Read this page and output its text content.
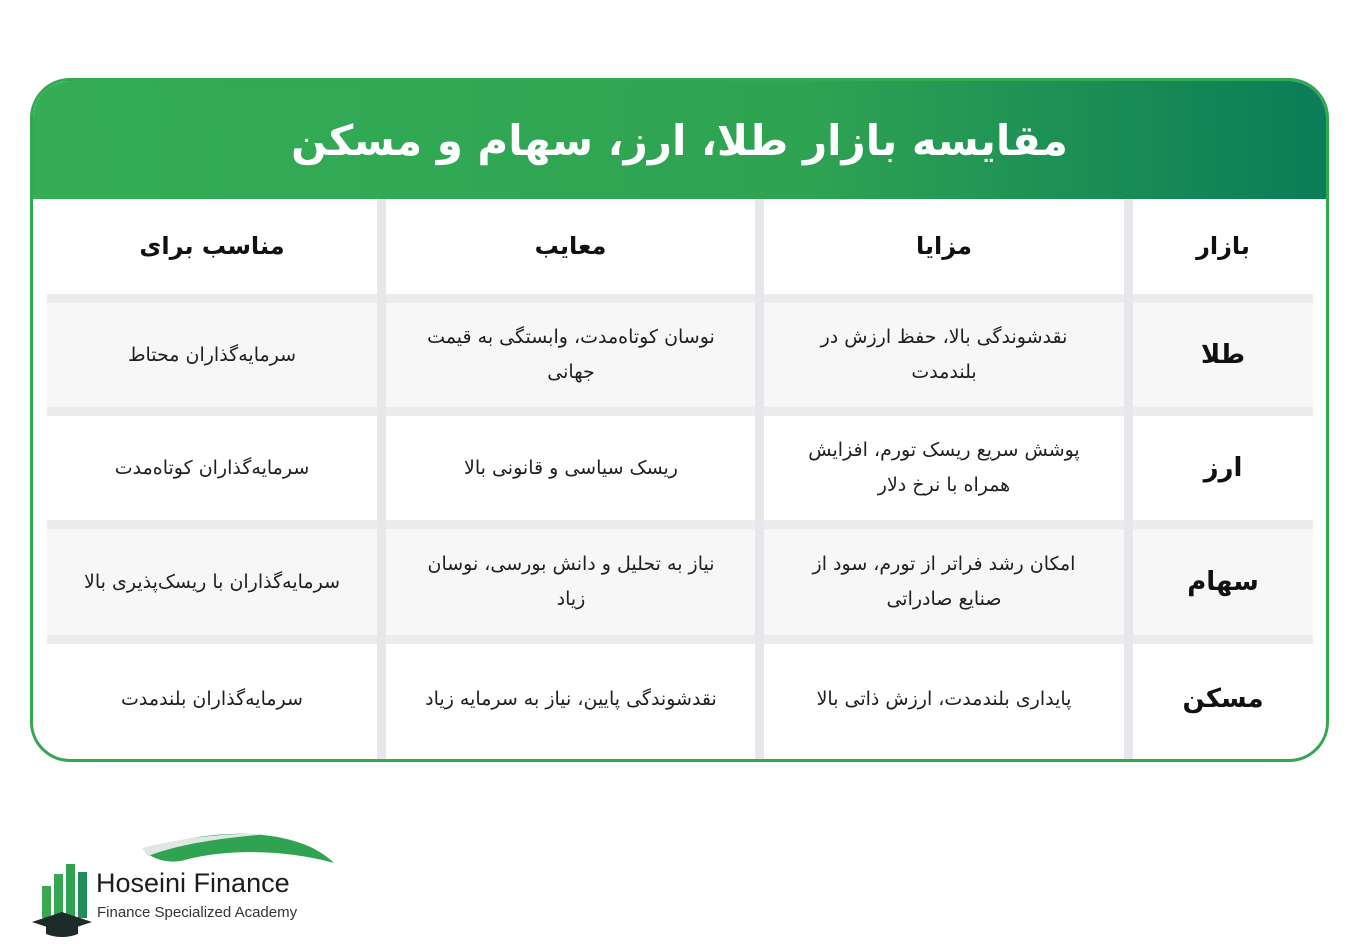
مقایسه بازار طلا، ارز، سهام و مسکن
بازار
مزایا
معایب
مناسب برای
طلا
نقدشوندگی بالا، حفظ ارزش در بلندمدت
نوسان کوتاه‌مدت، وابستگی به قیمت جهانی
سرمایه‌گذاران محتاط
ارز
پوشش سریع ریسک تورم، افزایش همراه با نرخ دلار
ریسک سیاسی و قانونی بالا
سرمایه‌گذاران کوتاه‌مدت
سهام
امکان رشد فراتر از تورم، سود از صنایع صادراتی
نیاز به تحلیل و دانش بورسی، نوسان زیاد
سرمایه‌گذاران با ریسک‌پذیری بالا
مسکن
پایداری بلندمدت، ارزش ذاتی بالا
نقدشوندگی پایین، نیاز به سرمایه زیاد
سرمایه‌گذاران بلندمدت
Hoseini Finance
Finance Specialized Academy
